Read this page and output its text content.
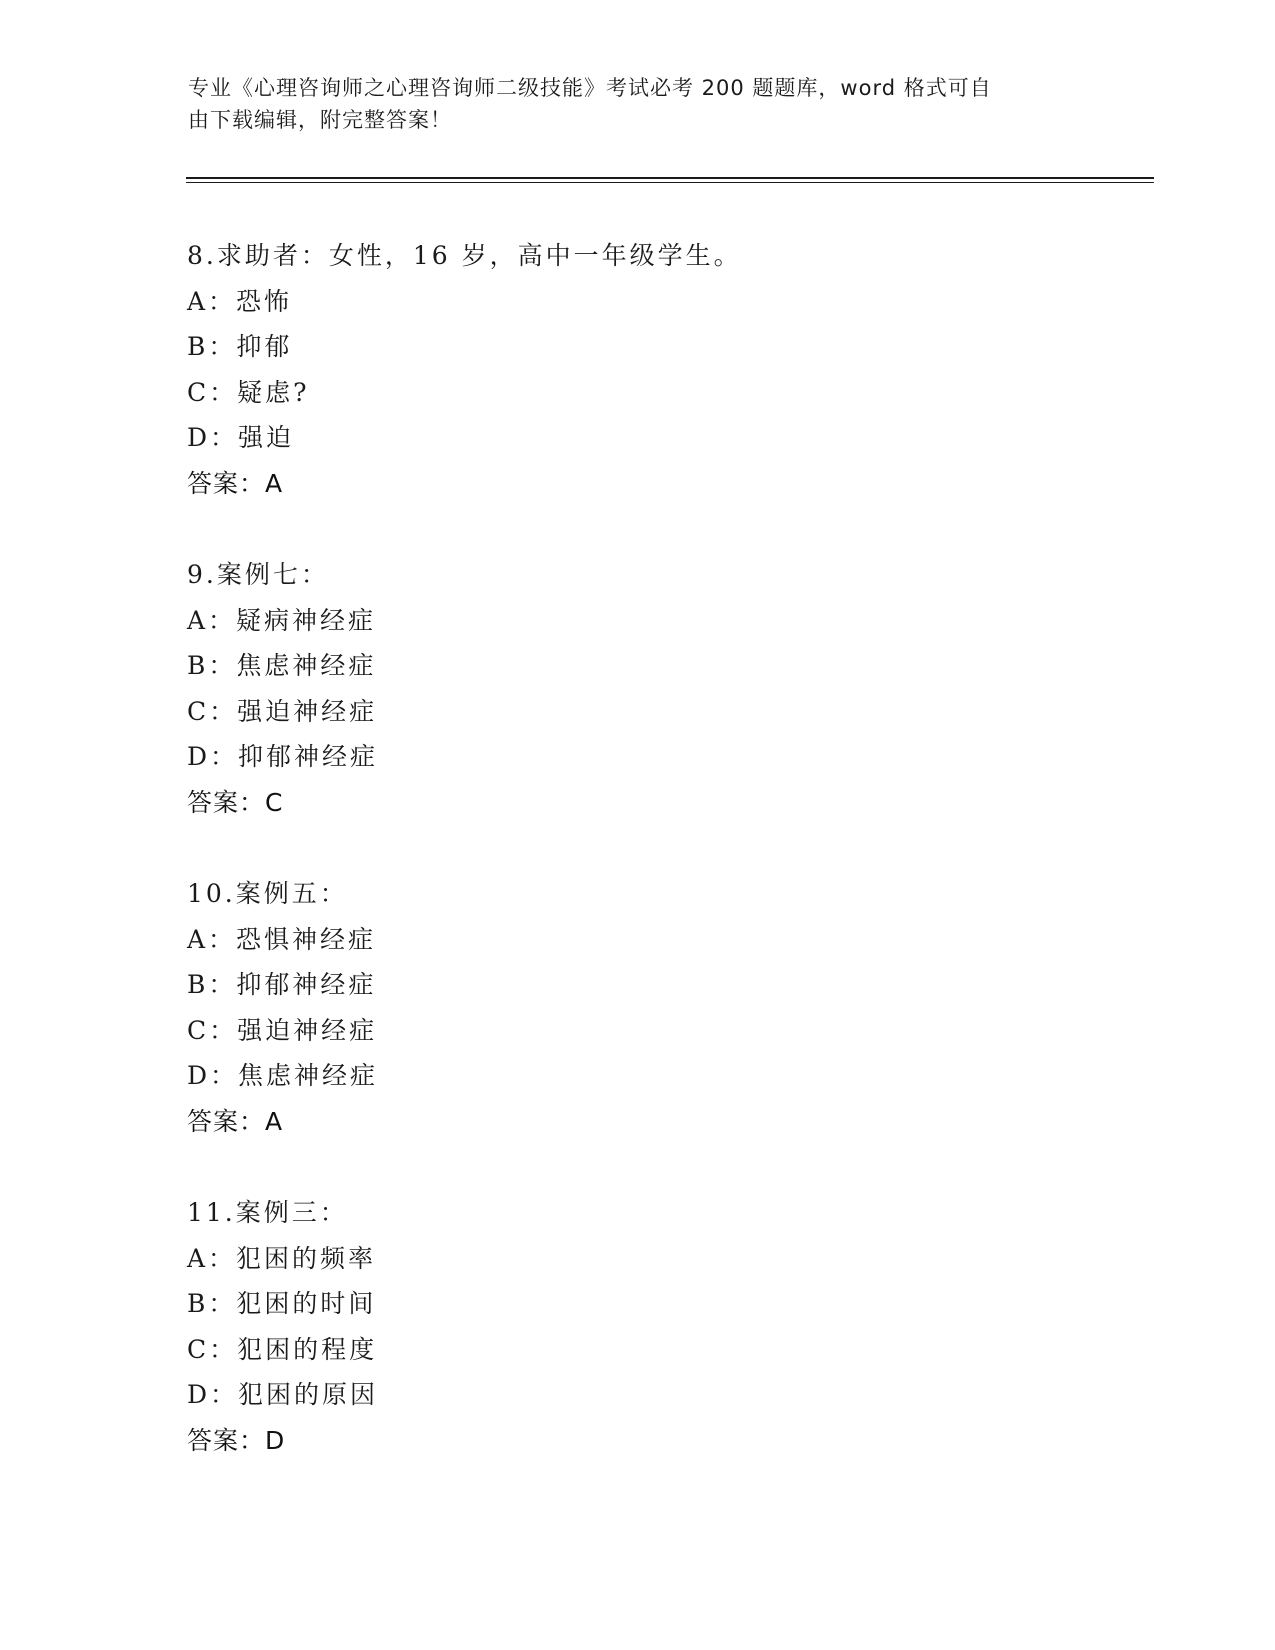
专业《心理咨询师之心理咨询师二级技能》考试必考 200 题题库，word 格式可自
由下载编辑，附完整答案！
8.求助者：女性，16 岁，高中一年级学生。
A：恐怖
B：抑郁
C：疑虑?
D：强迫
答案：A
9.案例七：
A：疑病神经症
B：焦虑神经症
C：强迫神经症
D：抑郁神经症
答案：C
10.案例五：
A：恐惧神经症
B：抑郁神经症
C：强迫神经症
D：焦虑神经症
答案：A
11.案例三：
A：犯困的频率
B：犯困的时间
C：犯困的程度
D：犯困的原因
答案：D
